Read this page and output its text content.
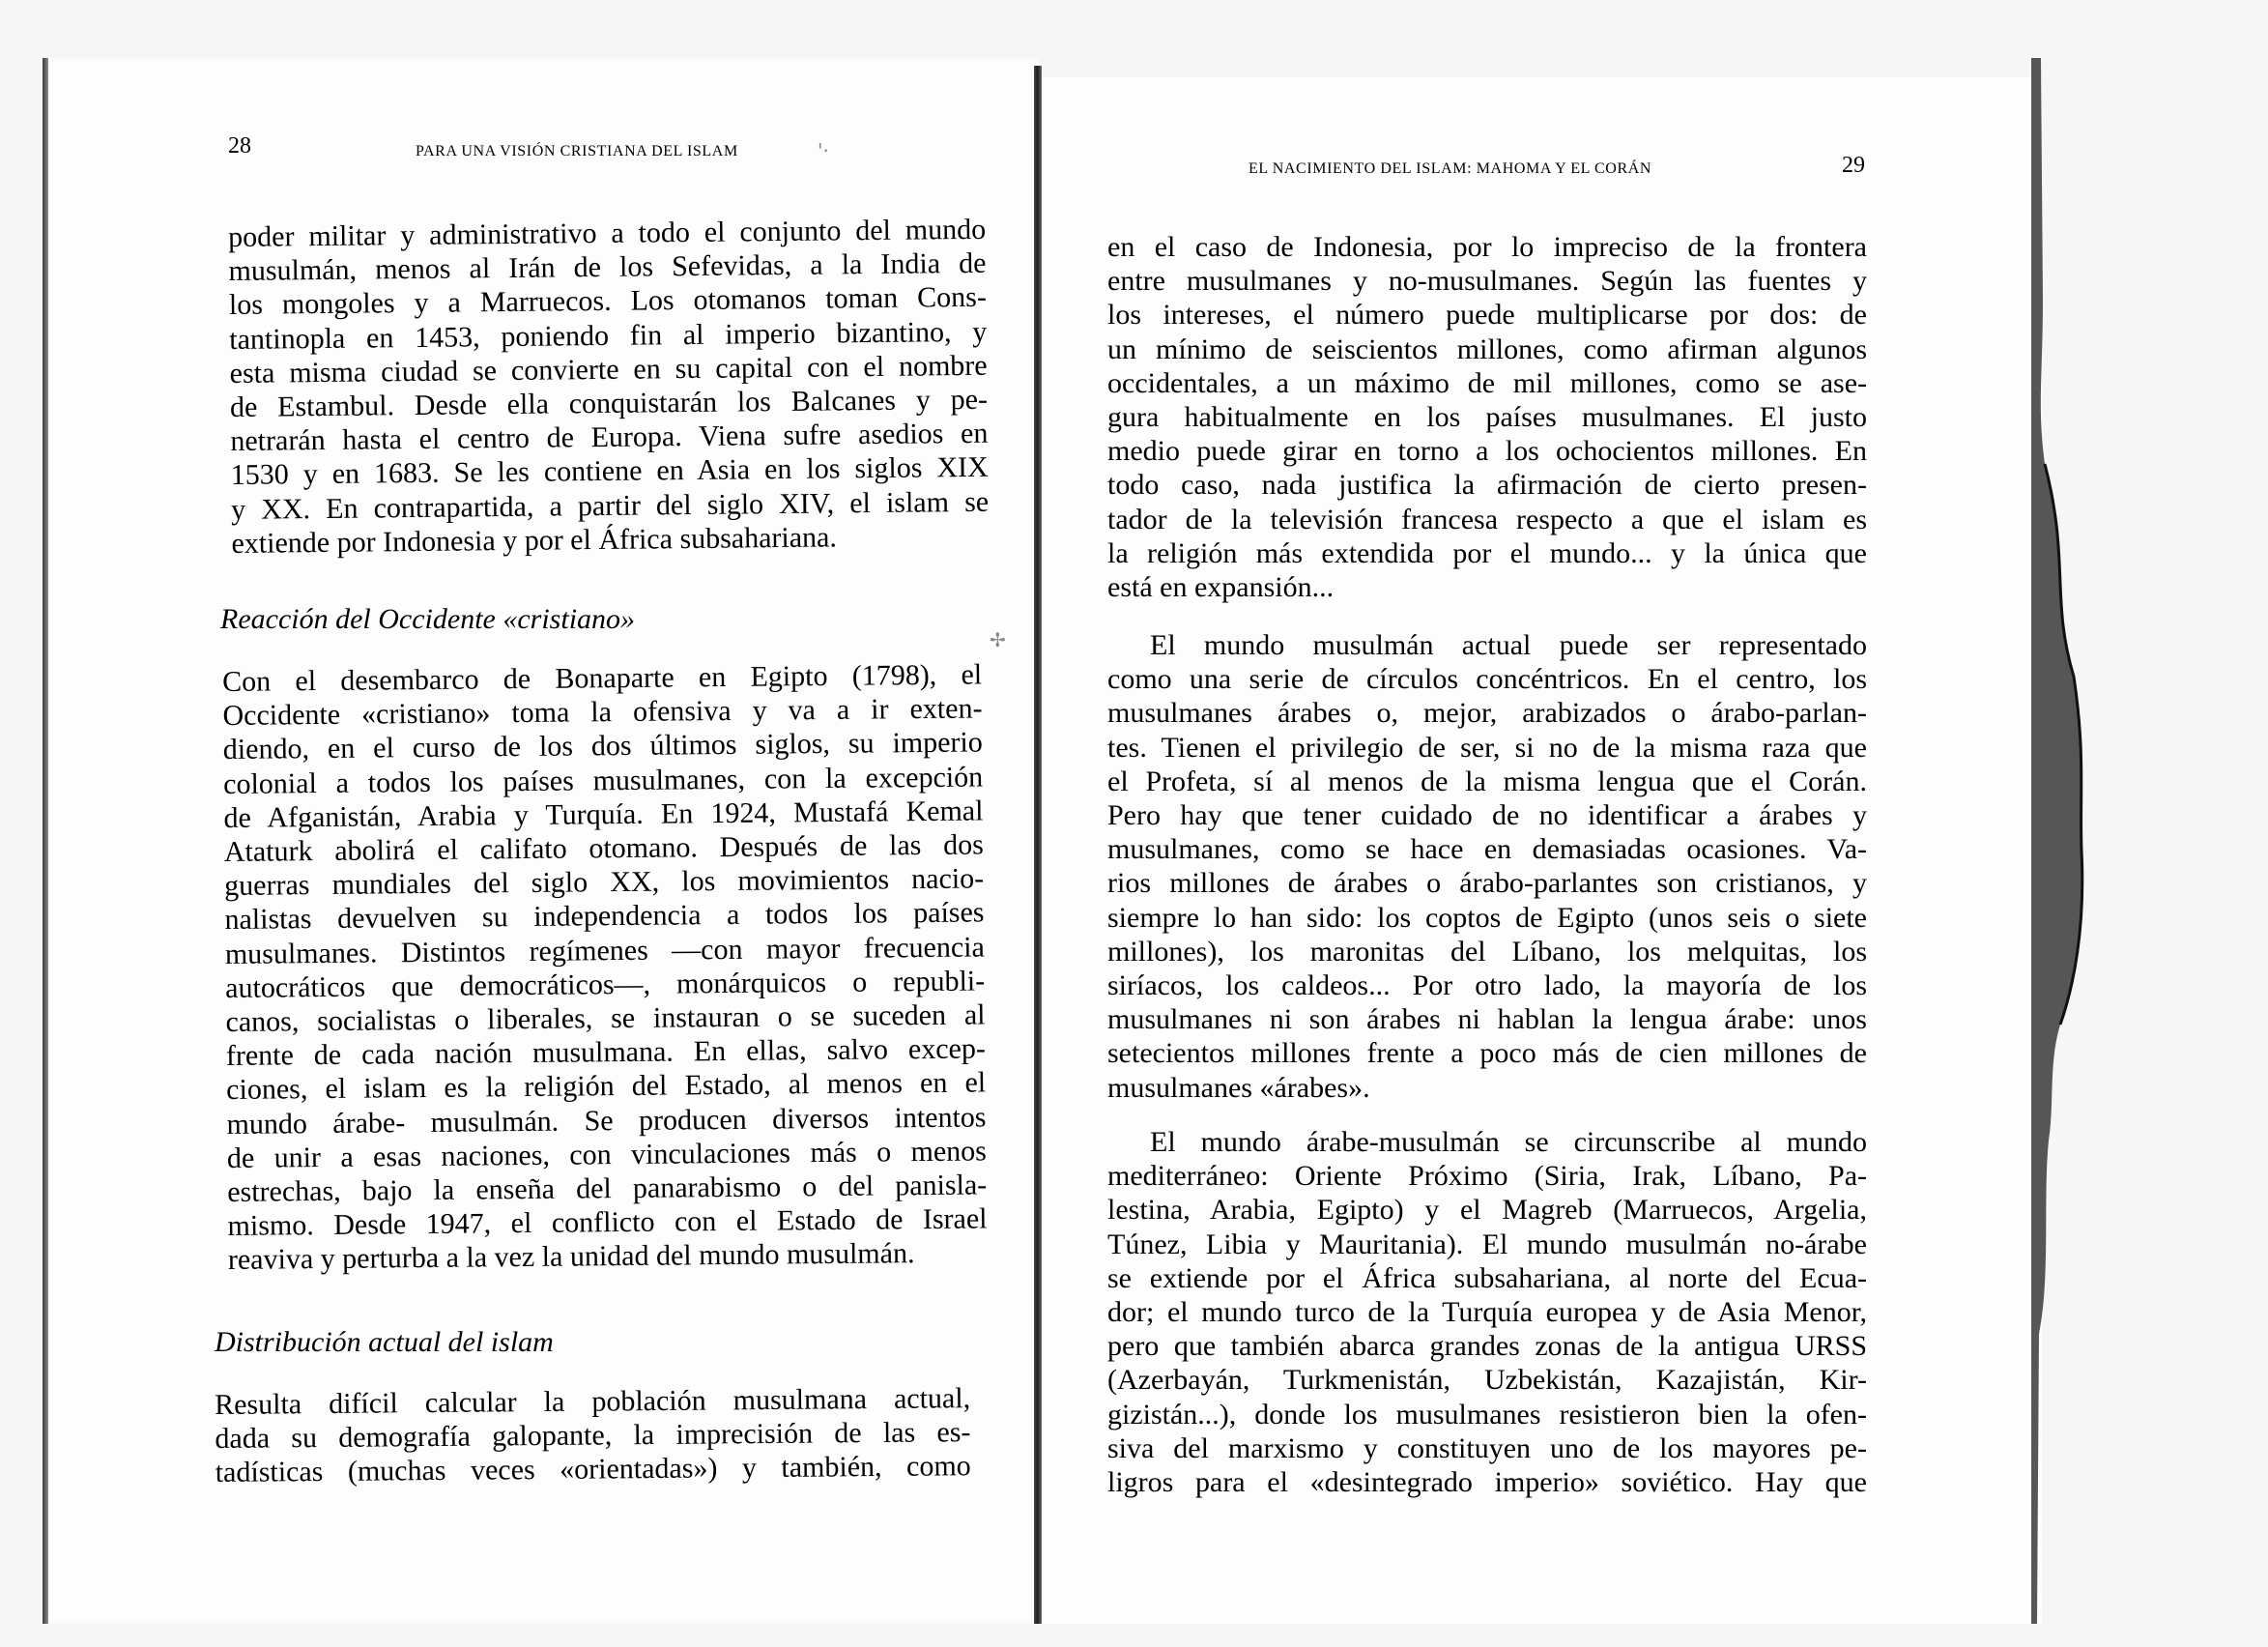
28	PARA UNA VISIÓN CRISTIANA DEL ISLAM	'·
poder militar y administrativo a todo el conjunto del mundo
musulmán, menos al Irán de los Sefevidas, a la India de
los mongoles y a Marruecos. Los otomanos toman Cons-
tantinopla en 1453, poniendo fin al imperio bizantino, y
esta misma ciudad se convierte en su capital con el nombre
de Estambul. Desde ella conquistarán los Balcanes y pe-
netrarán hasta el centro de Europa. Viena sufre asedios en
1530 y en 1683. Se les contiene en Asia en los siglos XIX
y XX. En contrapartida, a partir del siglo XIV, el islam se
extiende por Indonesia y por el África subsahariana.
Reacción del Occidente «cristiano»
✢
Con el desembarco de Bonaparte en Egipto (1798), el
Occidente «cristiano» toma la ofensiva y va a ir exten-
diendo, en el curso de los dos últimos siglos, su imperio
colonial a todos los países musulmanes, con la excepción
de Afganistán, Arabia y Turquía. En 1924, Mustafá Kemal
Ataturk abolirá el califato otomano. Después de las dos
guerras mundiales del siglo XX, los movimientos nacio-
nalistas devuelven su independencia a todos los países
musulmanes. Distintos regímenes —con mayor frecuencia
autocráticos que democráticos—, monárquicos o republi-
canos, socialistas o liberales, se instauran o se suceden al
frente de cada nación musulmana. En ellas, salvo excep-
ciones, el islam es la religión del Estado, al menos en el
mundo árabe- musulmán. Se producen diversos intentos
de unir a esas naciones, con vinculaciones más o menos
estrechas, bajo la enseña del panarabismo o del panisla-
mismo. Desde 1947, el conflicto con el Estado de Israel
reaviva y perturba a la vez la unidad del mundo musulmán.
Distribución actual del islam
Resulta difícil calcular la población musulmana actual,
dada su demografía galopante, la imprecisión de las es-
tadísticas (muchas veces «orientadas») y también, como
EL NACIMIENTO DEL ISLAM: MAHOMA Y EL CORÁN	29
en el caso de Indonesia, por lo impreciso de la frontera
entre musulmanes y no-musulmanes. Según las fuentes y
los intereses, el número puede multiplicarse por dos: de
un mínimo de seiscientos millones, como afirman algunos
occidentales, a un máximo de mil millones, como se ase-
gura habitualmente en los países musulmanes. El justo
medio puede girar en torno a los ochocientos millones. En
todo caso, nada justifica la afirmación de cierto presen-
tador de la televisión francesa respecto a que el islam es
la religión más extendida por el mundo... y la única que
está en expansión...
El mundo musulmán actual puede ser representado
como una serie de círculos concéntricos. En el centro, los
musulmanes árabes o, mejor, arabizados o árabo-parlan-
tes. Tienen el privilegio de ser, si no de la misma raza que
el Profeta, sí al menos de la misma lengua que el Corán.
Pero hay que tener cuidado de no identificar a árabes y
musulmanes, como se hace en demasiadas ocasiones. Va-
rios millones de árabes o árabo-parlantes son cristianos, y
siempre lo han sido: los coptos de Egipto (unos seis o siete
millones), los maronitas del Líbano, los melquitas, los
siríacos, los caldeos... Por otro lado, la mayoría de los
musulmanes ni son árabes ni hablan la lengua árabe: unos
setecientos millones frente a poco más de cien millones de
musulmanes «árabes».
El mundo árabe-musulmán se circunscribe al mundo
mediterráneo: Oriente Próximo (Siria, Irak, Líbano, Pa-
lestina, Arabia, Egipto) y el Magreb (Marruecos, Argelia,
Túnez, Libia y Mauritania). El mundo musulmán no-árabe
se extiende por el África subsahariana, al norte del Ecua-
dor; el mundo turco de la Turquía europea y de Asia Menor,
pero que también abarca grandes zonas de la antigua URSS
(Azerbayán, Turkmenistán, Uzbekistán, Kazajistán, Kir-
gizistán...), donde los musulmanes resistieron bien la ofen-
siva del marxismo y constituyen uno de los mayores pe-
ligros para el «desintegrado imperio» soviético. Hay que
